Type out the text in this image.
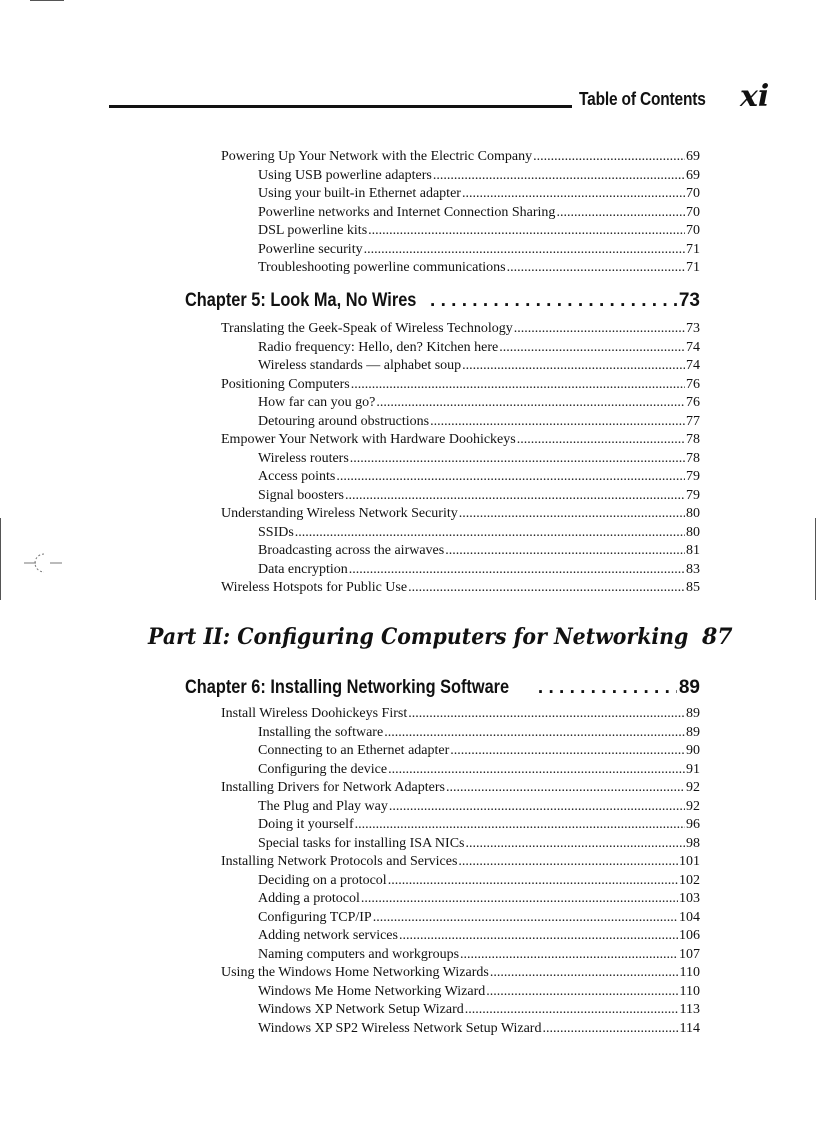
Table of Contents xi
Powering Up Your Network with the Electric Company .....	69
Using USB powerline adapters .....	69
Using your built-in Ethernet adapter .....	70
Powerline networks and Internet Connection Sharing .....	70
DSL powerline kits .....	70
Powerline security .....	71
Troubleshooting powerline communications .....	71
Chapter 5: Look Ma, No Wires . . .	73
Translating the Geek-Speak of Wireless Technology .....	73
Radio frequency: Hello, den? Kitchen here .....	74
Wireless standards — alphabet soup .....	74
Positioning Computers .....	76
How far can you go? .....	76
Detouring around obstructions .....	77
Empower Your Network with Hardware Doohickeys .....	78
Wireless routers .....	78
Access points .....	79
Signal boosters .....	79
Understanding Wireless Network Security .....	80
SSIDs .....	80
Broadcasting across the airwaves .....	81
Data encryption .....	83
Wireless Hotspots for Public Use .....	85
Part II: Configuring Computers for Networking 87
Chapter 6: Installing Networking Software . . .	89
Install Wireless Doohickeys First .....	89
Installing the software .....	89
Connecting to an Ethernet adapter .....	90
Configuring the device .....	91
Installing Drivers for Network Adapters .....	92
The Plug and Play way .....	92
Doing it yourself .....	96
Special tasks for installing ISA NICs .....	98
Installing Network Protocols and Services .....	101
Deciding on a protocol .....	102
Adding a protocol .....	103
Configuring TCP/IP .....	104
Adding network services .....	106
Naming computers and workgroups .....	107
Using the Windows Home Networking Wizards .....	110
Windows Me Home Networking Wizard .....	110
Windows XP Network Setup Wizard .....	113
Windows XP SP2 Wireless Network Setup Wizard .....	114
